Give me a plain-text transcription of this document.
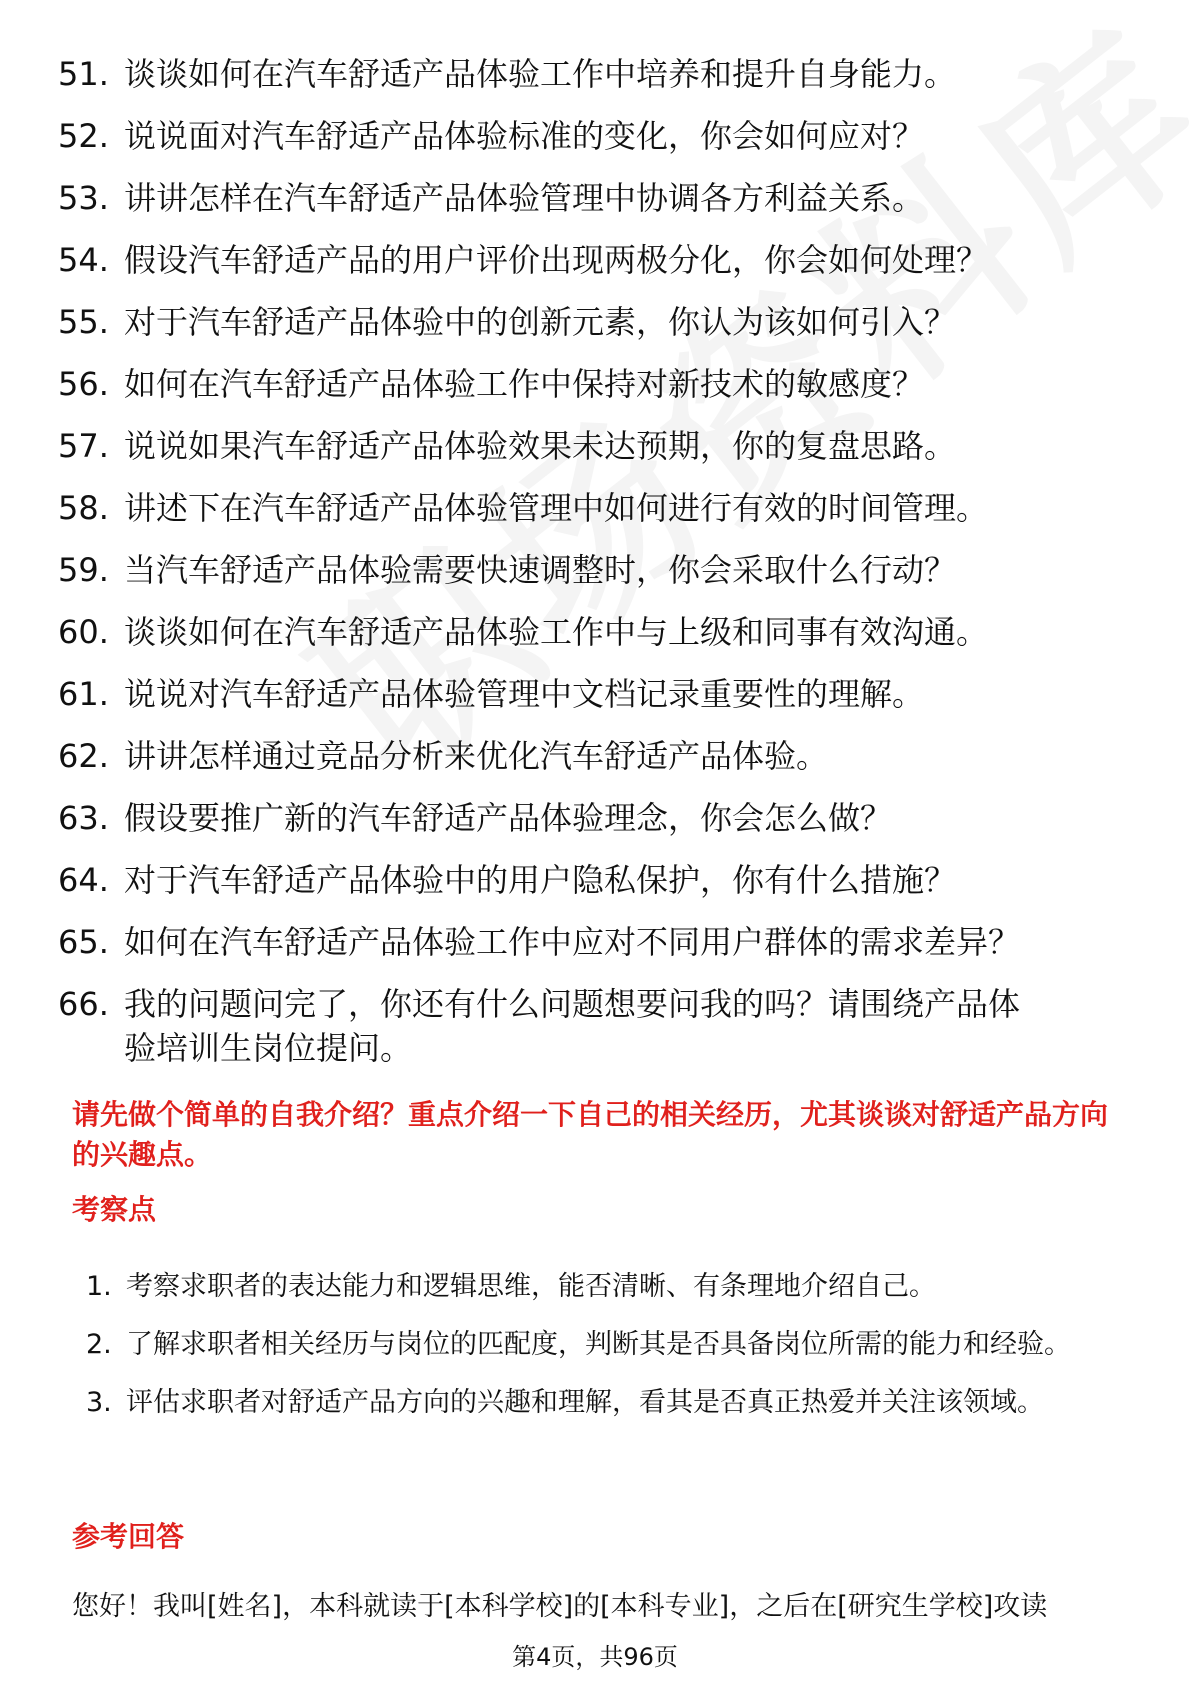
51. 谈谈如何在汽车舒适产品体验工作中培养和提升自身能力。
52. 说说面对汽车舒适产品体验标准的变化，你会如何应对？
53. 讲讲怎样在汽车舒适产品体验管理中协调各方利益关系。
54. 假设汽车舒适产品的用户评价出现两极分化，你会如何处理？
55. 对于汽车舒适产品体验中的创新元素，你认为该如何引入？
56. 如何在汽车舒适产品体验工作中保持对新技术的敏感度？
57. 说说如果汽车舒适产品体验效果未达预期，你的复盘思路。
58. 讲述下在汽车舒适产品体验管理中如何进行有效的时间管理。
59. 当汽车舒适产品体验需要快速调整时，你会采取什么行动？
60. 谈谈如何在汽车舒适产品体验工作中与上级和同事有效沟通。
61. 说说对汽车舒适产品体验管理中文档记录重要性的理解。
62. 讲讲怎样通过竞品分析来优化汽车舒适产品体验。
63. 假设要推广新的汽车舒适产品体验理念，你会怎么做？
64. 对于汽车舒适产品体验中的用户隐私保护，你有什么措施？
65. 如何在汽车舒适产品体验工作中应对不同用户群体的需求差异？
66. 我的问题问完了，你还有什么问题想要问我的吗？请围绕产品体
验培训生岗位提问。
请先做个简单的自我介绍？重点介绍一下自己的相关经历，尤其谈谈对舒适产品方向的兴趣点。
考察点
1. 考察求职者的表达能力和逻辑思维，能否清晰、有条理地介绍自己。
2. 了解求职者相关经历与岗位的匹配度，判断其是否具备岗位所需的能力和经验。
3. 评估求职者对舒适产品方向的兴趣和理解，看其是否真正热爱并关注该领域。
参考回答
您好！我叫[姓名]，本科就读于[本科学校]的[本科专业]，之后在[研究生学校]攻读
第4页，共96页
